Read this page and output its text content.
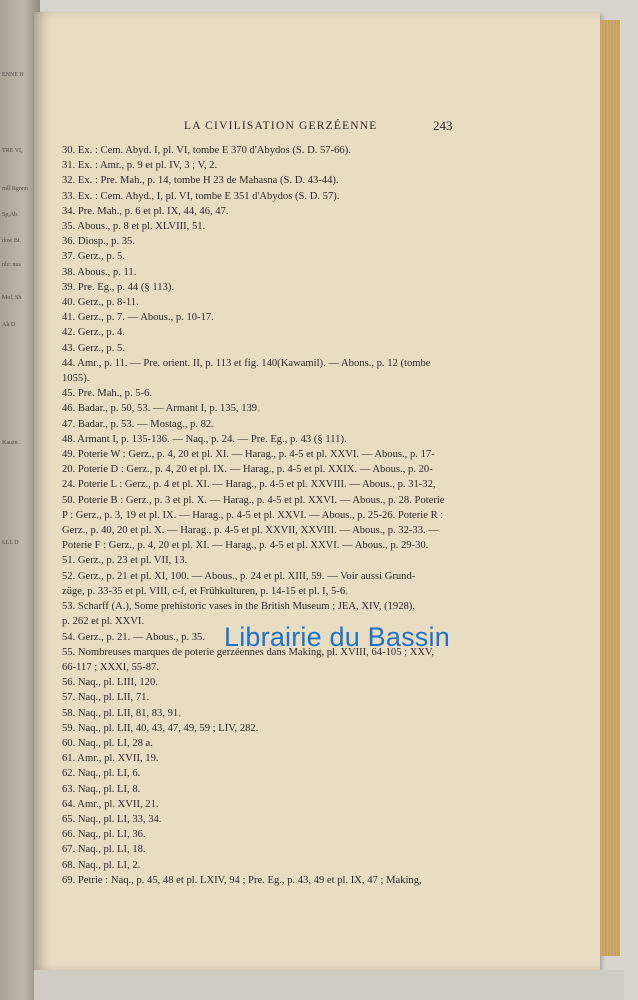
ENNE II
TRE VI,
rnll Rgnnn
Sp,Ab.
dow Bt.
nlc: nus
Mol, Sh
Ah D
Kauzn .
LLL D
LA CIVILISATION GERZÉENNE	243
30. Ex. : Cem. Abyd. I, pl. VI, tombe E 370 d'Abydos (S. D. 57-66).
31. Ex. : Amr., p. 9 et pl. IV, 3 ; V, 2.
32. Ex. : Pre. Mah., p. 14, tombe H 23 de Mahasna (S. D. 43-44).
33. Ex. : Cem. Ahyd., I, pl. VI, tombe E 351 d'Abydos (S. D. 57).
34. Pre. Mah., p. 6 et pl. IX, 44, 46, 47.
35. Abous., p. 8 et pl. XLVIII, 51.
36. Diosp., p. 35.
37. Gerz., p. 5.
38. Abous., p. 11.
39. Pre. Eg., p. 44 (§ 113).
40. Gerz., p. 8-11.
41. Gerz., p. 7. — Abous., p. 10-17.
42. Gerz., p. 4.
43. Gerz., p. 5.
44. Amr., p. 11. — Pre. orient. II, p. 113 et fig. 140(Kawamil). — Abons., p. 12 (tombe
1055).
45. Pre. Mah., p. 5-6.
46. Badar., p. 50, 53. — Armant I, p. 135, 139.
47. Badar., p. 53. — Mostag., p. 82.
48. Armant I, p. 135-136. — Naq., p. 24. — Pre. Eg., p. 43 (§ 111).
49. Poterie W : Gerz., p. 4, 20 et pl. XI. — Harag., p. 4-5 et pl. XXVI. — Abous., p. 17-
20. Poterie D : Gerz., p. 4, 20 et pl. IX. — Harag., p. 4-5 et pl. XXIX. — Abous., p. 20-
24. Poterie L : Gerz., p. 4 et pl. XI. — Harag., p. 4-5 et pl. XXVIII. — Abous., p. 31-32,
50. Poterie B : Gerz., p. 3 et pl. X. — Harag., p. 4-5 et pl. XXVI. — Abous., p. 28. Poterie
P : Gerz., p. 3, 19 et pl. IX. — Harag., p. 4-5 et pl. XXVI. — Abous., p. 25-26. Poterie R :
Gerz., p. 40, 20 et pl. X. — Harag., p. 4-5 et pl. XXVII, XXVIII. — Abous., p. 32-33. —
Poterie F : Gerz., p. 4, 20 et pl. XI. — Harag., p. 4-5 et pl. XXVI. — Abous., p. 29-30.
51. Gerz., p. 23 et pl. VII, 13.
52. Gerz., p. 21 et pl. XI, 100. — Abous., p. 24 et pl. XIII, 59. — Voir aussi Grund-
züge, p. 33-35 et pl. VIII, c-f, et Frühkulturen, p. 14-15 et pl. I, 5-6.
53. Scharff (A.), Some prehistoric vases in the British Museum ; JEA, XIV, (1928),
p. 262 et pl. XXVI.
54. Gerz., p. 21. — Abous., p. 35.
55. Nombreuses marques de poterie gerzéennes dans Making, pl. XVIII, 64-105 ; XXV,
66-117 ; XXXI, 55-87.
56. Naq., pl. LIII, 120.
57. Naq., pl. LII, 71.
58. Naq., pl. LII, 81, 83, 91.
59. Naq., pl. LII, 40, 43, 47, 49, 59 ; LIV, 282.
60. Naq., pl. LI, 28 a.
61. Amr., pl. XVII, 19.
62. Naq., pl. LI, 6.
63. Naq., pl. LI, 8.
64. Amr., pl. XVII, 21.
65. Naq., pl. LI, 33, 34.
66. Naq., pl. LI, 36.
67. Naq., pl. LI, 18.
68. Naq., pl. LI, 2.
69. Petrie : Naq., p. 45, 48 et pl. LXIV, 94 ; Pre. Eg., p. 43, 49 et pl. IX, 47 ; Making,
Librairie du Bassin
